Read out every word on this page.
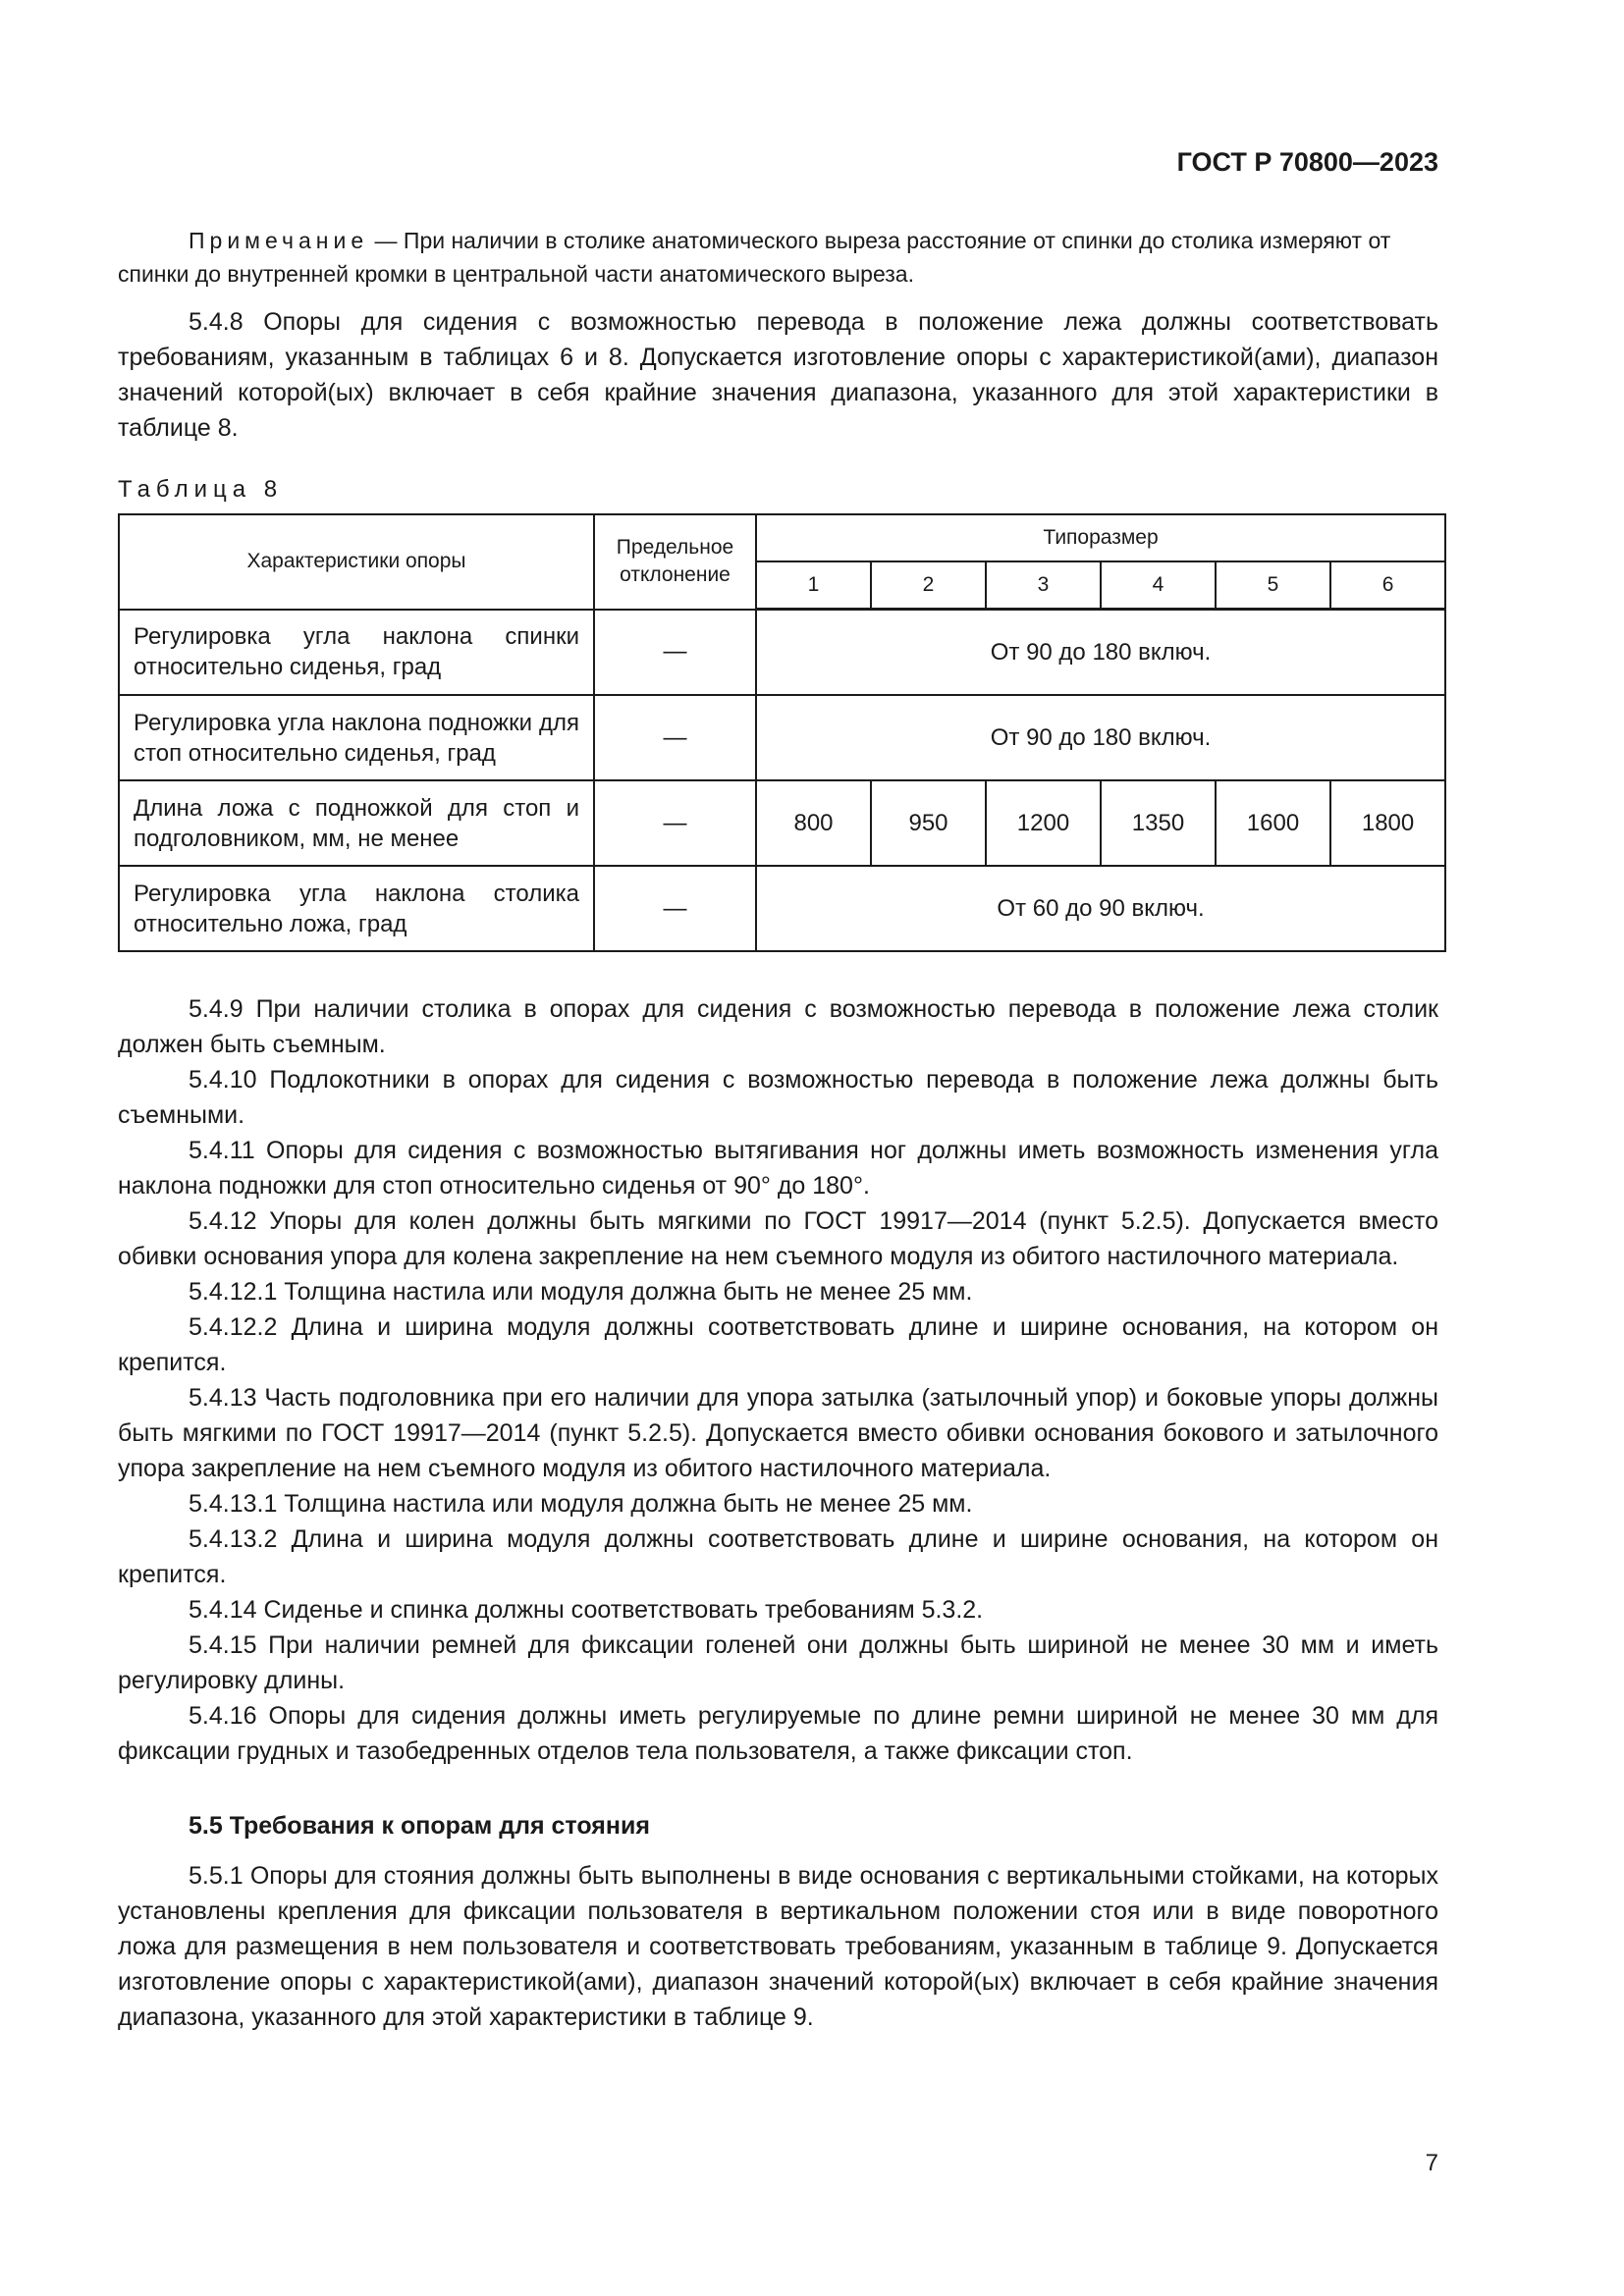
ГОСТ Р 70800—2023
Примечание — При наличии в столике анатомического выреза расстояние от спинки до столика измеряют от спинки до внутренней кромки в центральной части анатомического выреза.

5.4.8 Опоры для сидения с возможностью перевода в положение лежа должны соответствовать требованиям, указанным в таблицах 6 и 8. Допускается изготовление опоры с характеристикой(ами), диапазон значений которой(ых) включает в себя крайние значения диапазона, указанного для этой характеристики в таблице 8.

Таблица 8
Характеристики опоры	Предельное отклонение	Типоразмер					
		1	2	3	4	5	6
Регулировка угла наклона спинки относительно сиденья, град	—	От 90 до 180 включ.					
Регулировка угла наклона подножки для стоп относительно сиденья, град	—	От 90 до 180 включ.					
Длина ложа с подножкой для стоп и подголовником, мм, не менее	—	800	950	1200	1350	1600	1800
Регулировка угла наклона столика относительно ложа, град	—	От 60 до 90 включ.					

5.4.9 При наличии столика в опорах для сидения с возможностью перевода в положение лежа столик должен быть съемным.

5.4.10 Подлокотники в опорах для сидения с возможностью перевода в положение лежа должны быть съемными.

5.4.11 Опоры для сидения с возможностью вытягивания ног должны иметь возможность изменения угла наклона подножки для стоп относительно сиденья от 90° до 180°.

5.4.12 Упоры для колен должны быть мягкими по ГОСТ 19917—2014 (пункт 5.2.5). Допускается вместо обивки основания упора для колена закрепление на нем съемного модуля из обитого настилочного материала.

5.4.12.1 Толщина настила или модуля должна быть не менее 25 мм.

5.4.12.2 Длина и ширина модуля должны соответствовать длине и ширине основания, на котором он крепится.

5.4.13 Часть подголовника при его наличии для упора затылка (затылочный упор) и боковые упоры должны быть мягкими по ГОСТ 19917—2014 (пункт 5.2.5). Допускается вместо обивки основания бокового и затылочного упора закрепление на нем съемного модуля из обитого настилочного материала.

5.4.13.1 Толщина настила или модуля должна быть не менее 25 мм.

5.4.13.2 Длина и ширина модуля должны соответствовать длине и ширине основания, на котором он крепится.

5.4.14 Сиденье и спинка должны соответствовать требованиям 5.3.2.

5.4.15 При наличии ремней для фиксации голеней они должны быть шириной не менее 30 мм и иметь регулировку длины.

5.4.16 Опоры для сидения должны иметь регулируемые по длине ремни шириной не менее 30 мм для фиксации грудных и тазобедренных отделов тела пользователя, а также фиксации стоп.

5.5 Требования к опорам для стояния

5.5.1 Опоры для стояния должны быть выполнены в виде основания с вертикальными стойками, на которых установлены крепления для фиксации пользователя в вертикальном положении стоя или в виде поворотного ложа для размещения в нем пользователя и соответствовать требованиям, указанным в таблице 9. Допускается изготовление опоры с характеристикой(ами), диапазон значений которой(ых) включает в себя крайние значения диапазона, указанного для этой характеристики в таблице 9.

7
